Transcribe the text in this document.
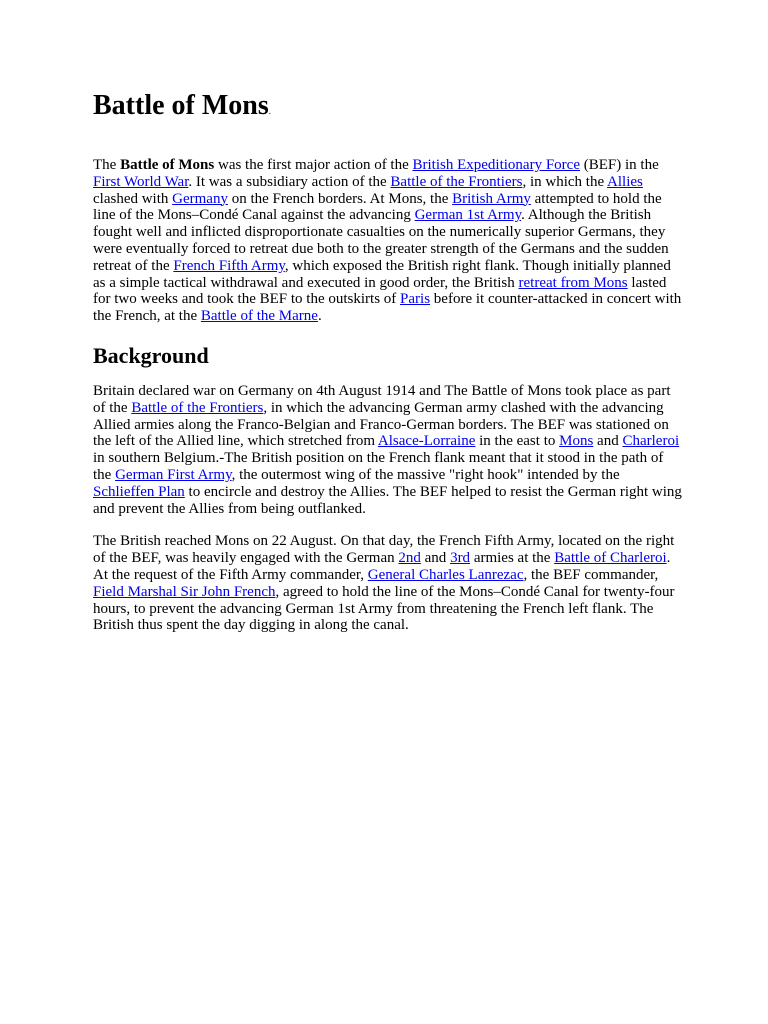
Battle of Mons.

The Battle of Mons was the first major action of the British Expeditionary Force (BEF) in the First World War. It was a subsidiary action of the Battle of the Frontiers, in which the Allies clashed with Germany on the French borders. At Mons, the British Army attempted to hold the line of the Mons–Condé Canal against the advancing German 1st Army. Although the British fought well and inflicted disproportionate casualties on the numerically superior Germans, they were eventually forced to retreat due both to the greater strength of the Germans and the sudden retreat of the French Fifth Army, which exposed the British right flank. Though initially planned as a simple tactical withdrawal and executed in good order, the British retreat from Mons lasted for two weeks and took the BEF to the outskirts of Paris before it counter-attacked in concert with the French, at the Battle of the Marne.

Background

Britain declared war on Germany on 4th August 1914 and The Battle of Mons took place as part of the Battle of the Frontiers, in which the advancing German army clashed with the advancing Allied armies along the Franco-Belgian and Franco-German borders. The BEF was stationed on the left of the Allied line, which stretched from Alsace-Lorraine in the east to Mons and Charleroi in southern Belgium.-The British position on the French flank meant that it stood in the path of the German First Army, the outermost wing of the massive "right hook" intended by the Schlieffen Plan to encircle and destroy the Allies. The BEF helped to resist the German right wing and prevent the Allies from being outflanked.

The British reached Mons on 22 August. On that day, the French Fifth Army, located on the right of the BEF, was heavily engaged with the German 2nd and 3rd armies at the Battle of Charleroi. At the request of the Fifth Army commander, General Charles Lanrezac, the BEF commander, Field Marshal Sir John French, agreed to hold the line of the Mons–Condé Canal for twenty-four hours, to prevent the advancing German 1st Army from threatening the French left flank. The British thus spent the day digging in along the canal.
